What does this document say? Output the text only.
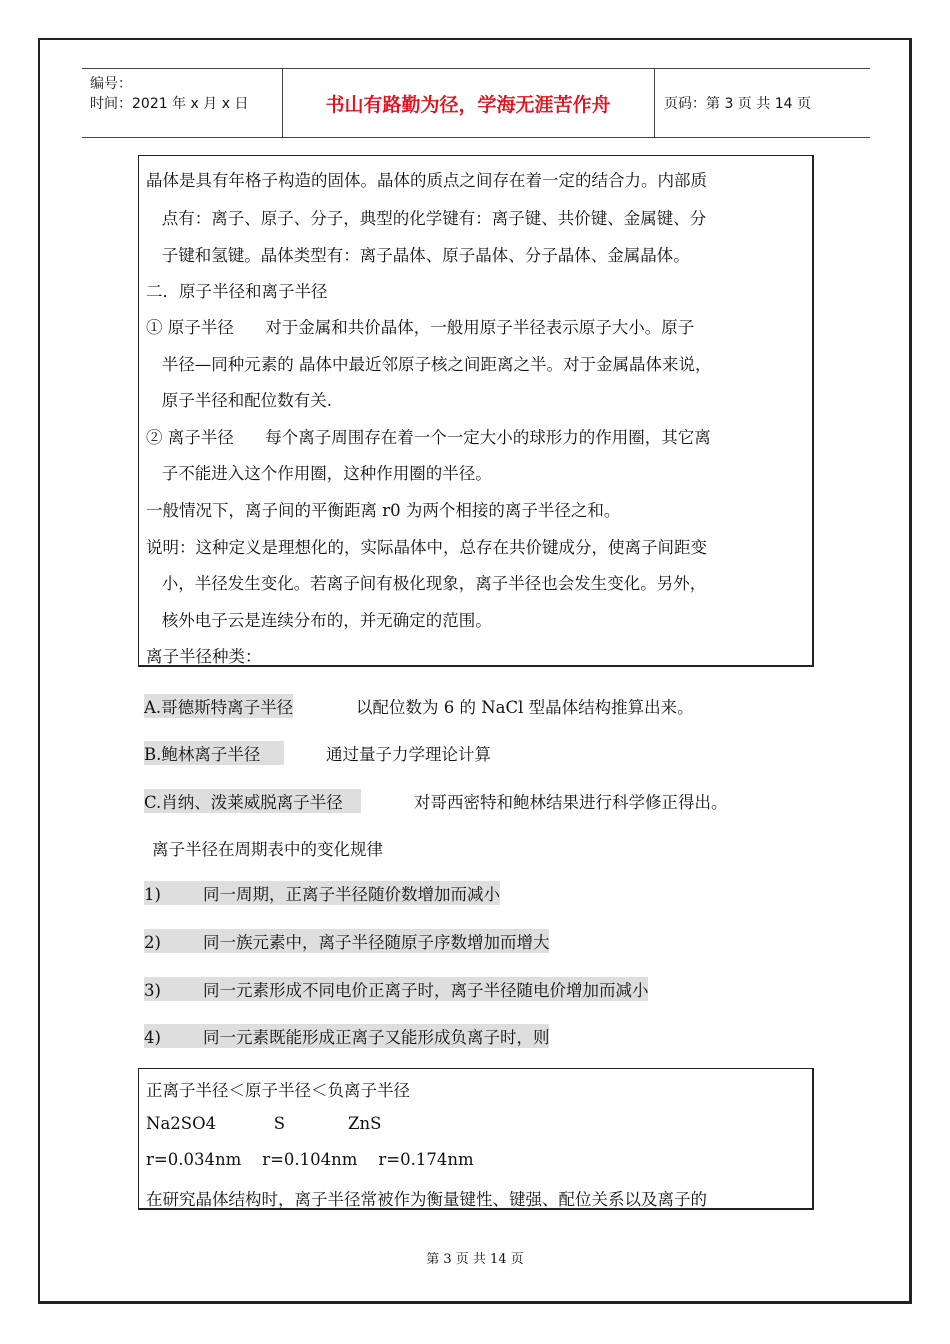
编号：
时间：2021 年 x 月 x 日	书山有路勤为径，学海无涯苦作舟	页码：第 3 页 共 14 页
晶体是具有年格子构造的固体。晶体的质点之间存在着一定的结合力。内部质
点有：离子、原子、分子，典型的化学键有：离子键、共价键、金属键、分
子键和氢键。晶体类型有：离子晶体、原子晶体、分子晶体、金属晶体。
二．原子半径和离子半径
① 原子半径      对于金属和共价晶体，一般用原子半径表示原子大小。原子
半径—同种元素的 晶体中最近邻原子核之间距离之半。对于金属晶体来说，
原子半径和配位数有关.
② 离子半径      每个离子周围存在着一个一定大小的球形力的作用圈，其它离
子不能进入这个作用圈，这种作用圈的半径。
一般情况下，离子间的平衡距离 r0 为两个相接的离子半径之和。
说明：这种定义是理想化的，实际晶体中，总存在共价键成分，使离子间距变
小，半径发生变化。若离子间有极化现象，离子半径也会发生变化。另外，
核外电子云是连续分布的，并无确定的范围。
离子半径种类：
A.哥德斯特离子半径	以配位数为 6 的 NaCl 型晶体结构推算出来。
B.鲍林离子半径	通过量子力学理论计算
C.肖纳、泼莱威脱离子半径	对哥西密特和鲍林结果进行科学修正得出。
离子半径在周期表中的变化规律
1)	同一周期，正离子半径随价数增加而减小
2)	同一族元素中，离子半径随原子序数增加而增大
3)	同一元素形成不同电价正离子时，离子半径随电价增加而减小
4)	同一元素既能形成正离子又能形成负离子时，则
正离子半径＜原子半径＜负离子半径
Na2SO4           S            ZnS
r=0.034nm    r=0.104nm    r=0.174nm
在研究晶体结构时，离子半径常被作为衡量键性、键强、配位关系以及离子的
第 3 页 共 14 页
